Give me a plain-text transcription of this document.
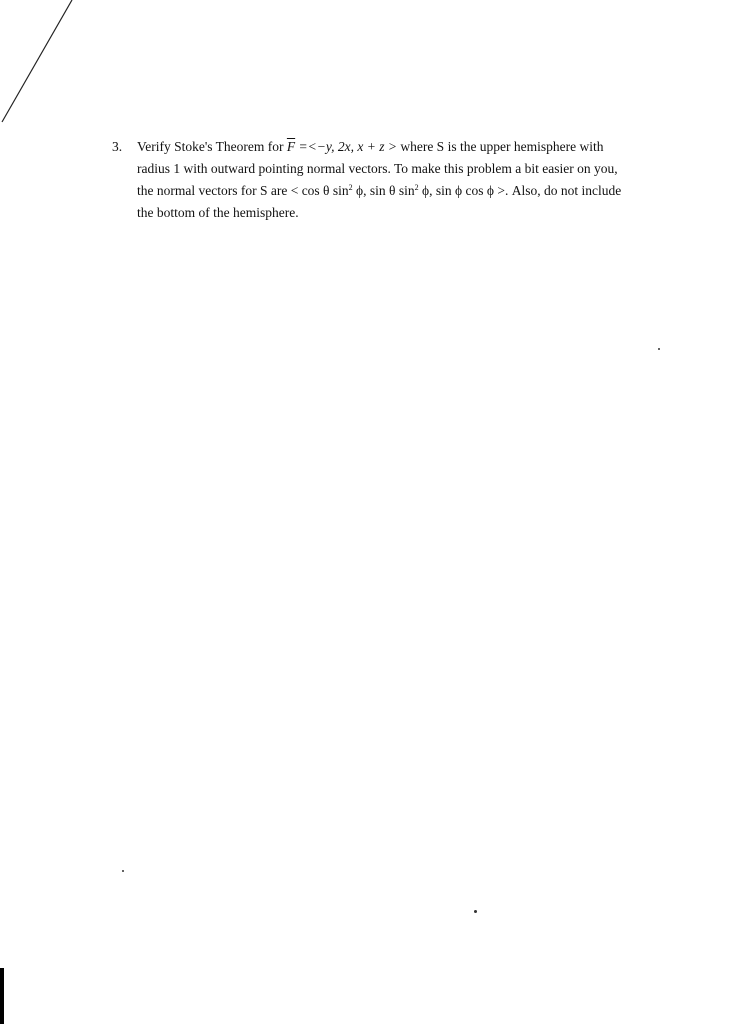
3.	Verify Stoke's Theorem for $\overline{F} =<-y$, 2x, x + z > where S is the upper hemisphere with
radius 1 with outward pointing normal vectors. To make this problem a bit easier on you,
the normal vectors for S are < cos θ $\sin^2 \phi$, sin θ $\sin^2 \phi$, sin ϕ cos ϕ >. Also, do not include
the bottom of the hemisphere.
